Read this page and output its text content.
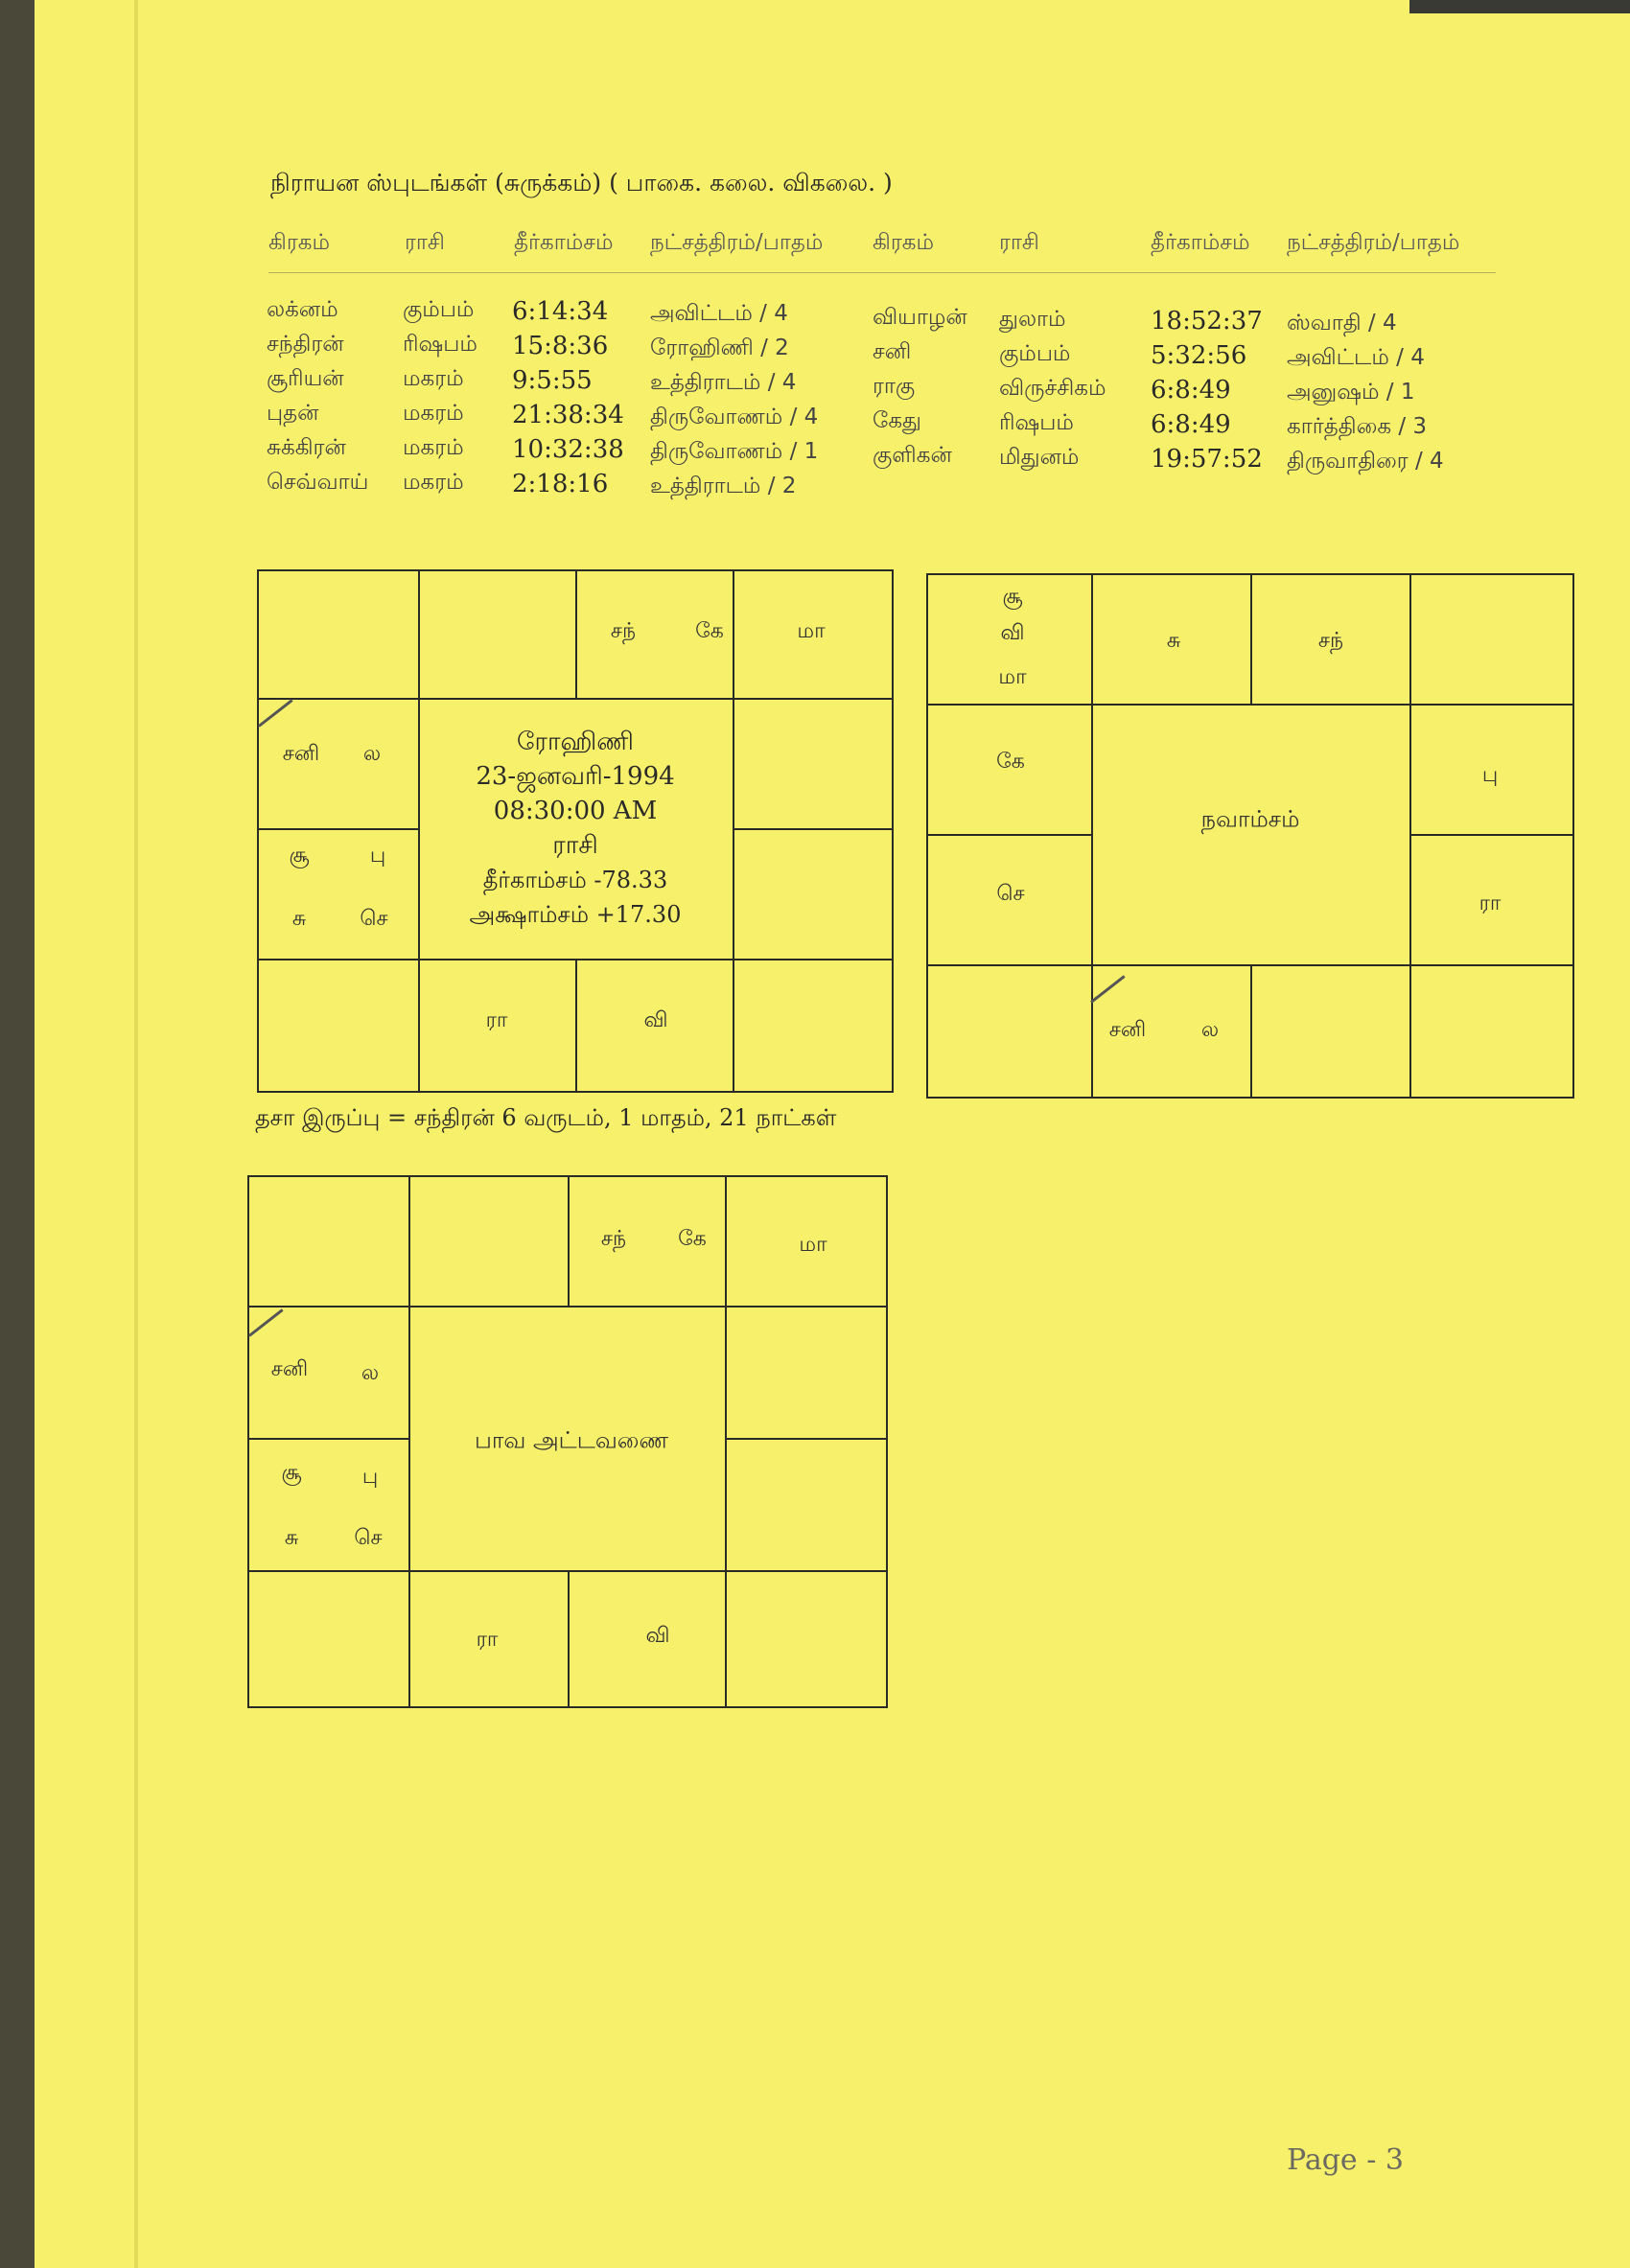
நிராயன ஸ்புடங்கள் (சுருக்கம்) ( பாகை. கலை. விகலை. )
கிரகம்	ராசி	தீர்காம்சம் நட்சத்திரம்/பாதம் கிரகம்	ராசி	தீர்காம்சம் நட்சத்திரம்/பாதம்
லக்னம்	கும்பம் 6:14:34 அவிட்டம் / 4
சந்திரன்	ரிஷபம் 15:8:36 ரோஹிணி / 2
சூரியன்	மகரம் 9:5:55	உத்திராடம் / 4
புதன்	மகரம் 21:38:34 திருவோணம் / 4
சுக்கிரன்	மகரம் 10:32:38 திருவோணம் / 1
செவ்வாய் மகரம் 2:18:16 உத்திராடம் / 2
வியாழன் துலாம்	18:52:37 ஸ்வாதி / 4
சனி	கும்பம்	5:32:56 அவிட்டம் / 4
ராகு	விருச்சிகம் 6:8:49	அனுஷம் / 1
கேது	ரிஷபம்	6:8:49	கார்த்திகை / 3
குளிகன் மிதுனம்	19:57:52 திருவாதிரை / 4
சந்	கே	மா
சனி ல
சூ	பு
சு	செ
ரா	வி
ரோஹிணி
23-ஜனவரி-1994
08:30:00 AM
ராசி
தீர்காம்சம் -78.33
அக்ஷாம்சம் +17.30
சூ
வி
மா
சு	சந்
கே
செ
பு
ரா
சனி	ல
நவாம்சம்
தசா இருப்பு = சந்திரன் 6 வருடம், 1 மாதம், 21 நாட்கள்
சந் கே	மா
சனி	ல
சூ	பு
சு	செ
ரா	வி
பாவ அட்டவணை
Page - 3
